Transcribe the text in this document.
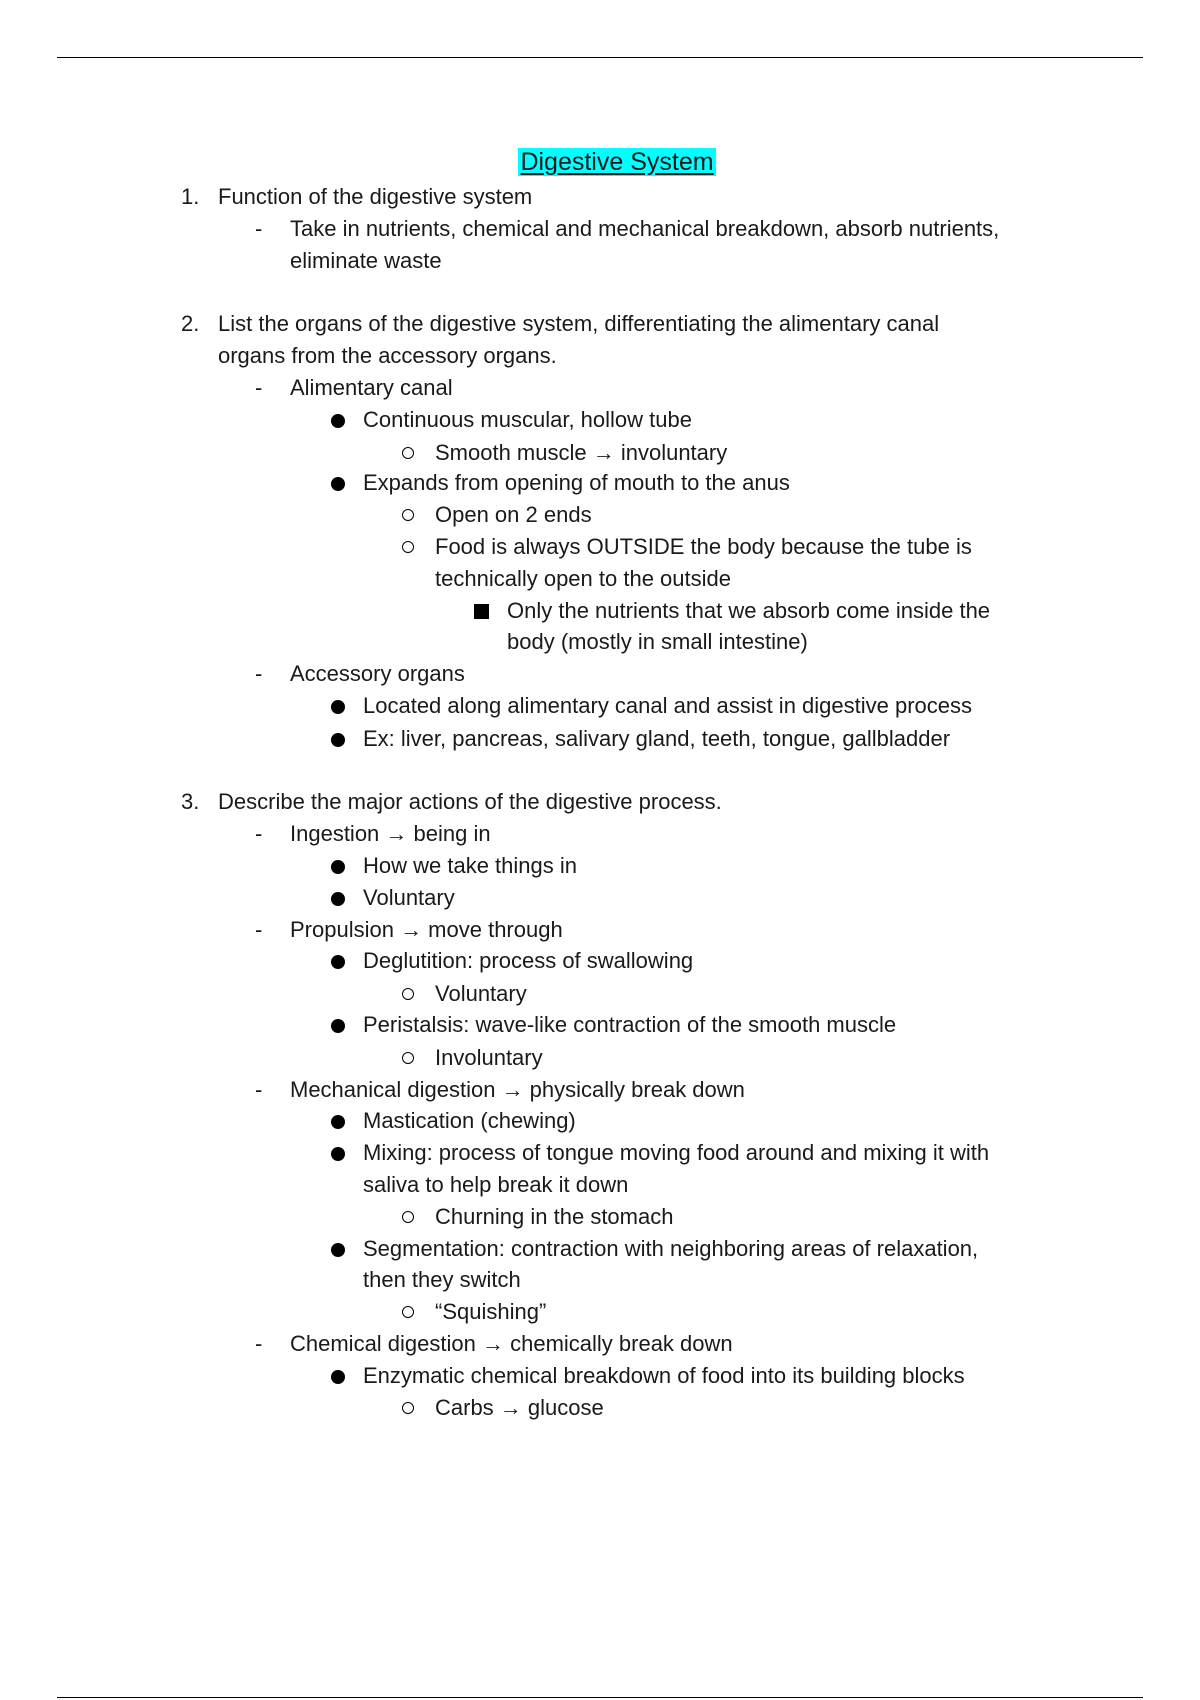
Digestive System
1. Function of the digestive system
- Take in nutrients, chemical and mechanical breakdown, absorb nutrients,
eliminate waste
2. List the organs of the digestive system, differentiating the alimentary canal
organs from the accessory organs.
- Alimentary canal
Continuous muscular, hollow tube
Smooth muscle → involuntary
Expands from opening of mouth to the anus
Open on 2 ends
Food is always OUTSIDE the body because the tube is
technically open to the outside
Only the nutrients that we absorb come inside the
body (mostly in small intestine)
- Accessory organs
Located along alimentary canal and assist in digestive process
Ex: liver, pancreas, salivary gland, teeth, tongue, gallbladder
3. Describe the major actions of the digestive process.
- Ingestion → being in
How we take things in
Voluntary
- Propulsion → move through
Deglutition: process of swallowing
Voluntary
Peristalsis: wave-like contraction of the smooth muscle
Involuntary
- Mechanical digestion → physically break down
Mastication (chewing)
Mixing: process of tongue moving food around and mixing it with
saliva to help break it down
Churning in the stomach
Segmentation: contraction with neighboring areas of relaxation,
then they switch
“Squishing”
- Chemical digestion → chemically break down
Enzymatic chemical breakdown of food into its building blocks
Carbs → glucose
